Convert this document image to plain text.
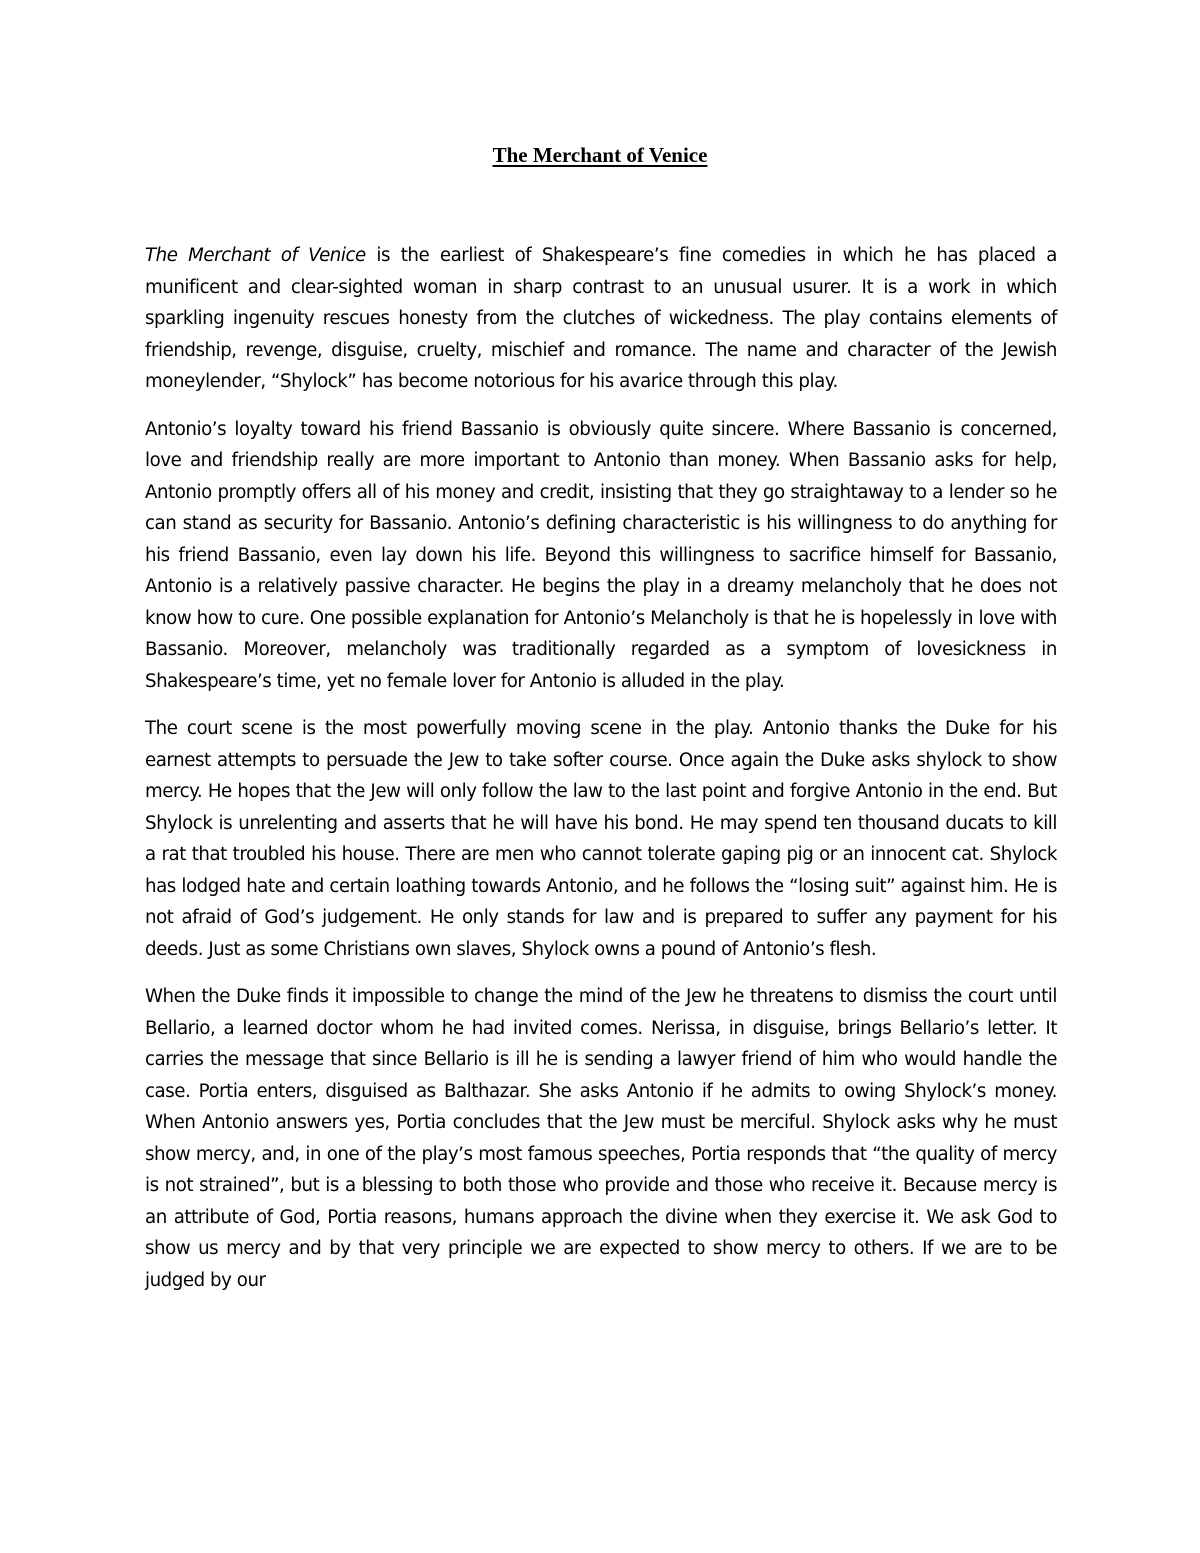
The Merchant of Venice

The Merchant of Venice is the earliest of Shakespeare’s fine comedies in which he has placed a munificent and clear-sighted woman in sharp contrast to an unusual usurer. It is a work in which sparkling ingenuity rescues honesty from the clutches of wickedness. The play contains elements of friendship, revenge, disguise, cruelty, mischief and romance. The name and character of the Jewish moneylender, “Shylock” has become notorious for his avarice through this play.

Antonio’s loyalty toward his friend Bassanio is obviously quite sincere. Where Bassanio is concerned, love and friendship really are more important to Antonio than money. When Bassanio asks for help, Antonio promptly offers all of his money and credit, insisting that they go straightaway to a lender so he can stand as security for Bassanio. Antonio’s defining characteristic is his willingness to do anything for his friend Bassanio, even lay down his life. Beyond this willingness to sacrifice himself for Bassanio, Antonio is a relatively passive character. He begins the play in a dreamy melancholy that he does not know how to cure. One possible explanation for Antonio’s Melancholy is that he is hopelessly in love with Bassanio. Moreover, melancholy was traditionally regarded as a symptom of lovesickness in Shakespeare’s time, yet no female lover for Antonio is alluded in the play.

The court scene is the most powerfully moving scene in the play. Antonio thanks the Duke for his earnest attempts to persuade the Jew to take softer course. Once again the Duke asks shylock to show mercy. He hopes that the Jew will only follow the law to the last point and forgive Antonio in the end. But Shylock is unrelenting and asserts that he will have his bond. He may spend ten thousand ducats to kill a rat that troubled his house. There are men who cannot tolerate gaping pig or an innocent cat. Shylock has lodged hate and certain loathing towards Antonio, and he follows the “losing suit” against him. He is not afraid of God’s judgement. He only stands for law and is prepared to suffer any payment for his deeds. Just as some Christians own slaves, Shylock owns a pound of Antonio’s flesh.

When the Duke finds it impossible to change the mind of the Jew he threatens to dismiss the court until Bellario, a learned doctor whom he had invited comes. Nerissa, in disguise, brings Bellario’s letter. It carries the message that since Bellario is ill he is sending a lawyer friend of him who would handle the case. Portia enters, disguised as Balthazar. She asks Antonio if he admits to owing Shylock’s money. When Antonio answers yes, Portia concludes that the Jew must be merciful. Shylock asks why he must show mercy, and, in one of the play’s most famous speeches, Portia responds that “the quality of mercy is not strained”, but is a blessing to both those who provide and those who receive it. Because mercy is an attribute of God, Portia reasons, humans approach the divine when they exercise it. We ask God to show us mercy and by that very principle we are expected to show mercy to others. If we are to be judged by our
